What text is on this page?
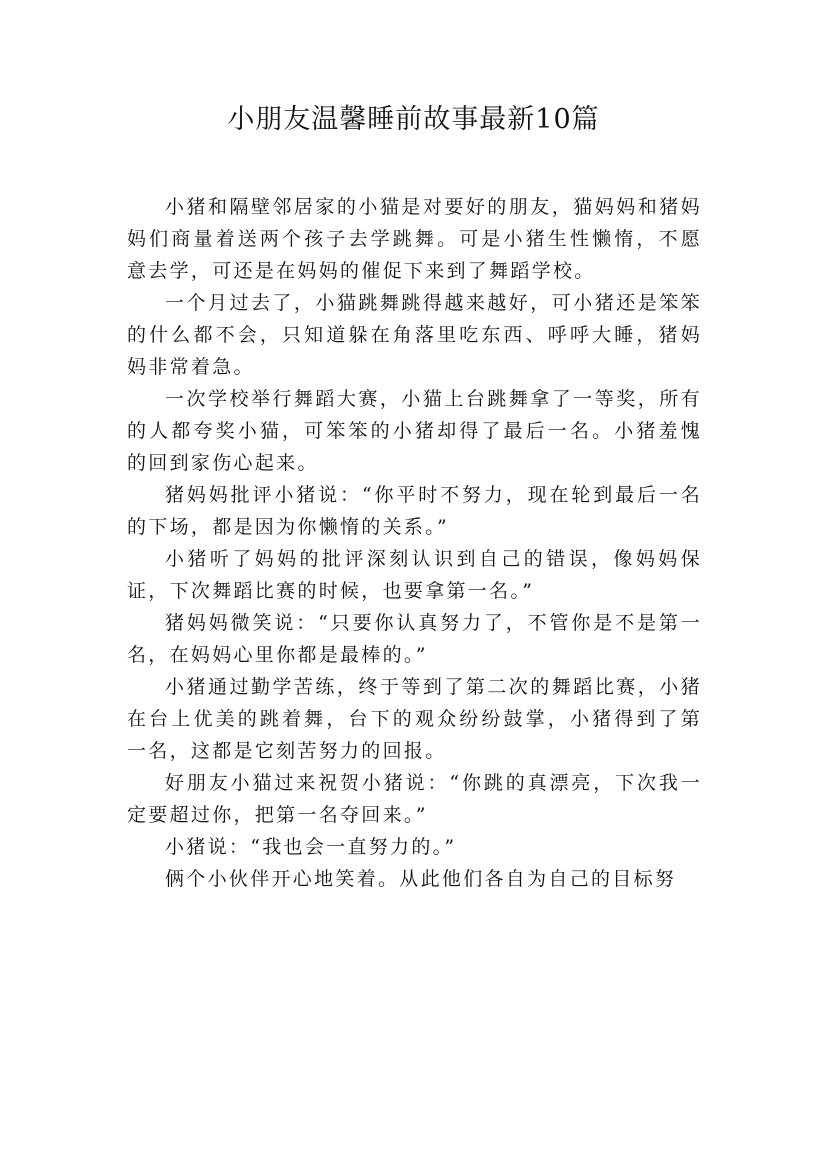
小朋友温馨睡前故事最新10篇

小猪和隔壁邻居家的小猫是对要好的朋友，猫妈妈和猪妈妈们商量着送两个孩子去学跳舞。可是小猪生性懒惰，不愿意去学，可还是在妈妈的催促下来到了舞蹈学校。

一个月过去了，小猫跳舞跳得越来越好，可小猪还是笨笨的什么都不会，只知道躲在角落里吃东西、呼呼大睡，猪妈妈非常着急。

一次学校举行舞蹈大赛，小猫上台跳舞拿了一等奖，所有的人都夸奖小猫，可笨笨的小猪却得了最后一名。小猪羞愧的回到家伤心起来。

猪妈妈批评小猪说：“你平时不努力，现在轮到最后一名的下场，都是因为你懒惰的关系。”

小猪听了妈妈的批评深刻认识到自己的错误，像妈妈保证，下次舞蹈比赛的时候，也要拿第一名。”

猪妈妈微笑说：“只要你认真努力了，不管你是不是第一名，在妈妈心里你都是最棒的。”

小猪通过勤学苦练，终于等到了第二次的舞蹈比赛，小猪在台上优美的跳着舞，台下的观众纷纷鼓掌，小猪得到了第一名，这都是它刻苦努力的回报。

好朋友小猫过来祝贺小猪说：“你跳的真漂亮，下次我一定要超过你，把第一名夺回来。”

小猪说：“我也会一直努力的。”

俩个小伙伴开心地笑着。从此他们各自为自己的目标努
